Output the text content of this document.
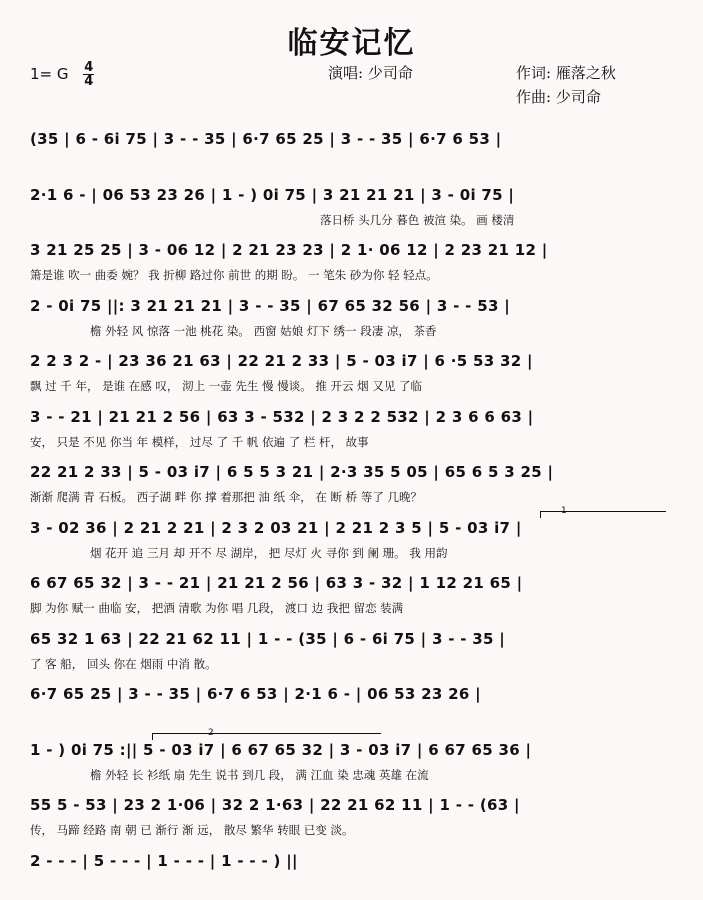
临安记忆
1= G $\frac{4}{4}$	演唱: 少司命	作词: 雁落之秋
作曲: 少司命
(35 | 6 - 6i 75 | 3 - - 35 | 6·7 65 25 | 3 - - 35 | 6·7 6 53 |
2·1 6 - | 06 53 23 26 | 1 - ) 0i 75 | 3 21 21 21 | 3 - 0i 75 |
落日桥 头几分 暮色 被渲 染。 画 楼清
3 21 25 25 | 3 - 06 12 | 2 21 23 23 | 2 1· 06 12 | 2 23 21 12 |
箫是谁 吹一 曲委 婉？ 我 折柳 路过你 前世 的期 盼。 一 笔朱 砂为你 轻 轻点。
2 - 0i 75 ||: 3 21 21 21 | 3 - - 35 | 67 65 32 56 | 3 - - 53 |
檐 外轻 风 惊落 一池 桃花 染。 西窗 姑娘 灯下 绣一 段凄 凉， 茶香
2 2 3 2 - | 23 36 21 63 | 22 21 2 33 | 5 - 03 i7 | 6 ·5 53 32 |
飘 过 千 年， 是谁 在感 叹， 沏上 一壶 先生 慢 慢谈。 推 开云 烟 又见 了临
3 - - 21 | 21 21 2 56 | 63 3 - 532 | 2 3 2 2 532 | 2 3 6 6 63 |
安， 只是 不见 你当 年 模样， 过尽 了 千 帆 依遍 了 栏 杆， 故事
22 21 2 33 | 5 - 03 i7 | 6 5 5 3 21 | 2·3 35 5 05 | 65 6 5 3 25 |
渐渐 爬满 青 石板。 西子湖 畔 你 撑 着那把 油 纸 伞， 在 断 桥 等了 几晚？
1
3 - 02 36 | 2 21 2 21 | 2 3 2 03 21 | 2 21 2 3 5 | 5 - 03 i7 |
烟 花开 追 三月 却 开不 尽 湖岸， 把 尽灯 火 寻你 到 阑 珊。 我 用韵
6 67 65 32 | 3 - - 21 | 21 21 2 56 | 63 3 - 32 | 1 12 21 65 |
脚 为你 赋一 曲临 安， 把酒 清歌 为你 唱 几段， 渡口 边 我把 留恋 装满
65 32 1 63 | 22 21 62 11 | 1 - - (35 | 6 - 6i 75 | 3 - - 35 |
了 客 船， 回头 你在 烟雨 中消 散。
6·7 65 25 | 3 - - 35 | 6·7 6 53 | 2·1 6 - | 06 53 23 26 |
2
1 - ) 0i 75 :|| 5 - 03 i7 | 6 67 65 32 | 3 - 03 i7 | 6 67 65 36 |
檐 外轻 长 衫纸 扇 先生 说书 到几 段， 满 江血 染 忠魂 英雄 在流
55 5 - 53 | 23 2 1·06 | 32 2 1·63 | 22 21 62 11 | 1 - - (63 |
传， 马蹄 经路 南 朝 已 渐行 渐 远， 散尽 繁华 转眼 已变 淡。
2 - - - | 5 - - - | 1 - - - | 1 - - - ) ||
